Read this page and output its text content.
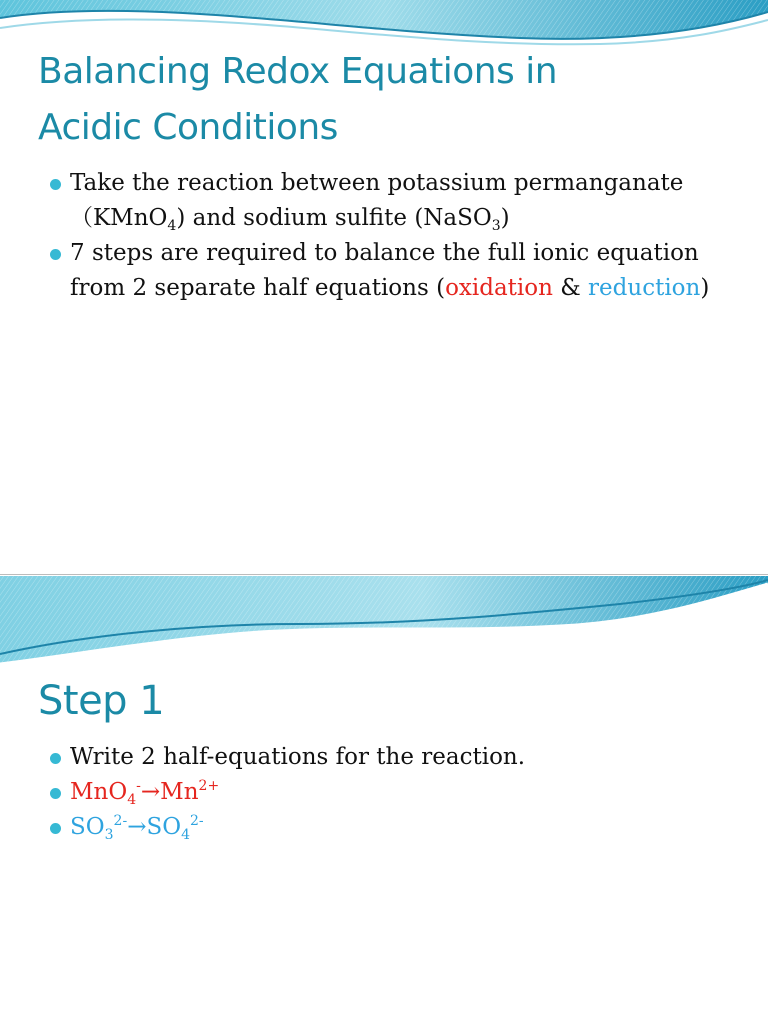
Balancing Redox Equations in
Acidic Conditions
Take the reaction between potassium permanganate
（KMnO$_4$) and sodium sulfite (NaSO$_3$)
7 steps are required to balance the full ionic equation
from 2 separate half equations (oxidation & reduction)
Step 1
Write 2 half-equations for the reaction.
$MnO_4^-\to Mn^{2+}$
$SO_3^{2-}\to SO_4^{2-}$
